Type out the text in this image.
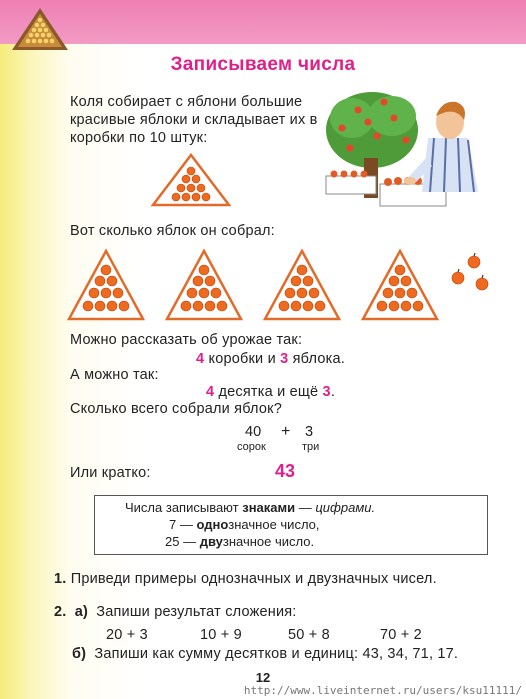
Записываем числа
Коля собирает с яблони большие
красивые яблоки и складывает их в
коробки по 10 штук:
Вот сколько яблок он собрал:
Можно рассказать об урожае так:
4 коробки и 3 яблока.
А можно так:
4 десятка и ещё 3.
Сколько всего собрали яблок?
40 + 3
сорок	три
Или кратко:	43
Числа записывают знаками — цифрами.
7 — однозначное число,
25 — двузначное число.
1. Приведи примеры однозначных и двузначных чисел.
2. а) Запиши результат сложения:
20 + 3	10 + 9	50 + 8	70 + 2
б) Запиши как сумму десятков и единиц: 43, 34, 71, 17.
12
http://www.liveinternet.ru/users/ksu11111/
